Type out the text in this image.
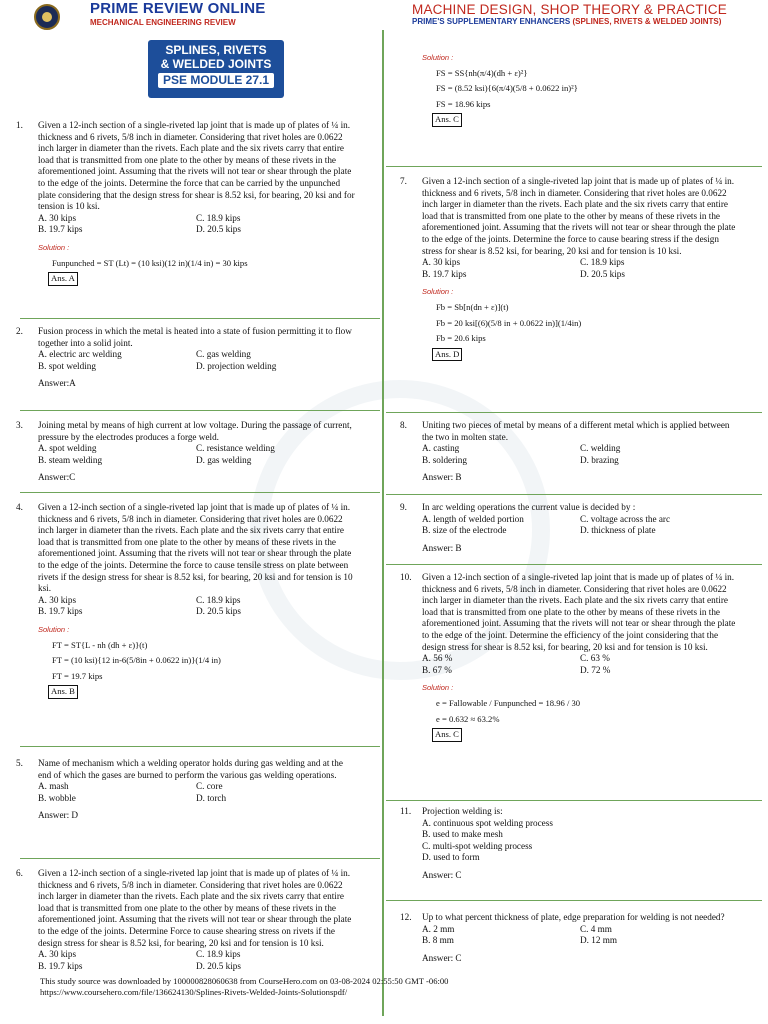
PRIME REVIEW ONLINE
MECHANICAL ENGINEERING REVIEW
SPLINES, RIVETS
& WELDED JOINTS
PSE MODULE 27.1
MACHINE DESIGN, SHOP THEORY & PRACTICE
PRIME'S SUPPLEMENTARY ENHANCERS (SPLINES, RIVETS & WELDED JOINTS)
1. Given a 12-inch section of a single-riveted lap joint that is made up of plates of ¼ in. thickness and 6 rivets, 5/8 inch in diameter. Considering that rivet holes are 0.0622 inch larger in diameter than the rivets. Each plate and the six rivets carry that entire load that is transmitted from one plate to the other by means of these rivets in the aforementioned joint. Assuming that the rivets will not tear or shear through the plate to the edge of the joints. Determine the force that can be carried by the unpunched plate considering that the design stress for shear is 8.52 ksi, for bearing, 20 ksi and for tension is 10 ksi.
A. 30 kips	C. 18.9 kips
B. 19.7 kips	D. 20.5 kips
Solution :
Funpunched = ST (Lt) = (10 ksi)(12 in)(1/4 in) = 30 kips
Ans. A
2. Fusion process in which the metal is heated into a state of fusion permitting it to flow together into a solid joint.
A. electric arc welding	C. gas welding
B. spot welding	D. projection welding
Answer:A
3. Joining metal by means of high current at low voltage. During the passage of current, pressure by the electrodes produces a forge weld.
A. spot welding	C. resistance welding
B. steam welding	D. gas welding
Answer:C
4. Given a 12-inch section of a single-riveted lap joint that is made up of plates of ¼ in. thickness and 6 rivets, 5/8 inch in diameter. Considering that rivet holes are 0.0622 inch larger in diameter than the rivets. Each plate and the six rivets carry that entire load that is transmitted from one plate to the other by means of these rivets in the aforementioned joint. Assuming that the rivets will not tear or shear through the plate to the edge of the joints. Determine the force to cause tensile stress on plate between rivets if the design stress for shear is 8.52 ksi, for bearing, 20 ksi and for tension is 10 ksi.
A. 30 kips	C. 18.9 kips
B. 19.7 kips	D. 20.5 kips
Solution :
FT = ST{L - nh (dh + ε)}(t)
FT = (10 ksi){12 in-6(5/8in + 0.0622 in)}(1/4 in)
FT = 19.7 kips
Ans. B
5. Name of mechanism which a welding operator holds during gas welding and at the end of which the gases are burned to perform the various gas welding operations.
A. mash	C. core
B. wobble	D. torch
Answer: D
6. Given a 12-inch section of a single-riveted lap joint that is made up of plates of ¼ in. thickness and 6 rivets, 5/8 inch in diameter. Considering that rivet holes are 0.0622 inch larger in diameter than the rivets. Each plate and the six rivets carry that entire load that is transmitted from one plate to the other by means of these rivets in the aforementioned joint. Assuming that the rivets will not tear or shear through the plate to the edge of the joints. Determine Force to cause shearing stress on rivets if the design stress for shear is 8.52 ksi, for bearing, 20 ksi and for tension is 10 ksi.
A. 30 kips	C. 18.9 kips
B. 19.7 kips	D. 20.5 kips
Solution :
FS = SS{nh(π/4)(dh + ε)²}
FS = (8.52 ksi){6(π/4)(5/8 + 0.0622 in)²}
FS = 18.96 kips
Ans. C
7. Given a 12-inch section of a single-riveted lap joint that is made up of plates of ¼ in. thickness and 6 rivets, 5/8 inch in diameter. Considering that rivet holes are 0.0622 inch larger in diameter than the rivets. Each plate and the six rivets carry that entire load that is transmitted from one plate to the other by means of these rivets in the aforementioned joint. Assuming that the rivets will not tear or shear through the plate to the edge of the joints. Determine the force to cause bearing stress if the design stress for shear is 8.52 ksi, for bearing, 20 ksi and for tension is 10 ksi.
A. 30 kips	C. 18.9 kips
B. 19.7 kips	D. 20.5 kips
Solution :
Fb = Sb[n(dn + ε)](t)
Fb = 20 ksi[(6)(5/8 in + 0.0622 in)](1/4in)
Fb = 20.6 kips
Ans. D
8. Uniting two pieces of metal by means of a different metal which is applied between the two in molten state.
A. casting	C. welding
B. soldering	D. brazing
Answer: B
9. In arc welding operations the current value is decided by :
A. length of welded portion	C. voltage across the arc
B. size of the electrode	D. thickness of plate
Answer: B
10. Given a 12-inch section of a single-riveted lap joint that is made up of plates of ¼ in. thickness and 6 rivets, 5/8 inch in diameter. Considering that rivet holes are 0.0622 inch larger in diameter than the rivets. Each plate and the six rivets carry that entire load that is transmitted from one plate to the other by means of these rivets in the aforementioned joint. Assuming that the rivets will not tear or shear through the plate to the edge of the joint. Determine the efficiency of the joint considering that the design stress for shear is 8.52 ksi, for bearing, 20 ksi and for tension is 10 ksi.
A. 56 %	C. 63 %
B. 67 %	D. 72 %
Solution :
e = Fallowable / Funpunched = 18.96 / 30
e = 0.632 ≈ 63.2%
Ans. C
11. Projection welding is:
A. continuous spot welding process
B. used to make mesh
C. multi-spot welding process
D. used to form
Answer: C
12. Up to what percent thickness of plate, edge preparation for welding is not needed?
A. 2 mm	C. 4 mm
B. 8 mm	D. 12 mm
Answer: C
This study source was downloaded by 100000828060638 from CourseHero.com on 03-08-2024 02:55:50 GMT -06:00
https://www.coursehero.com/file/136624130/Splines-Rivets-Welded-Joints-Solutionspdf/
